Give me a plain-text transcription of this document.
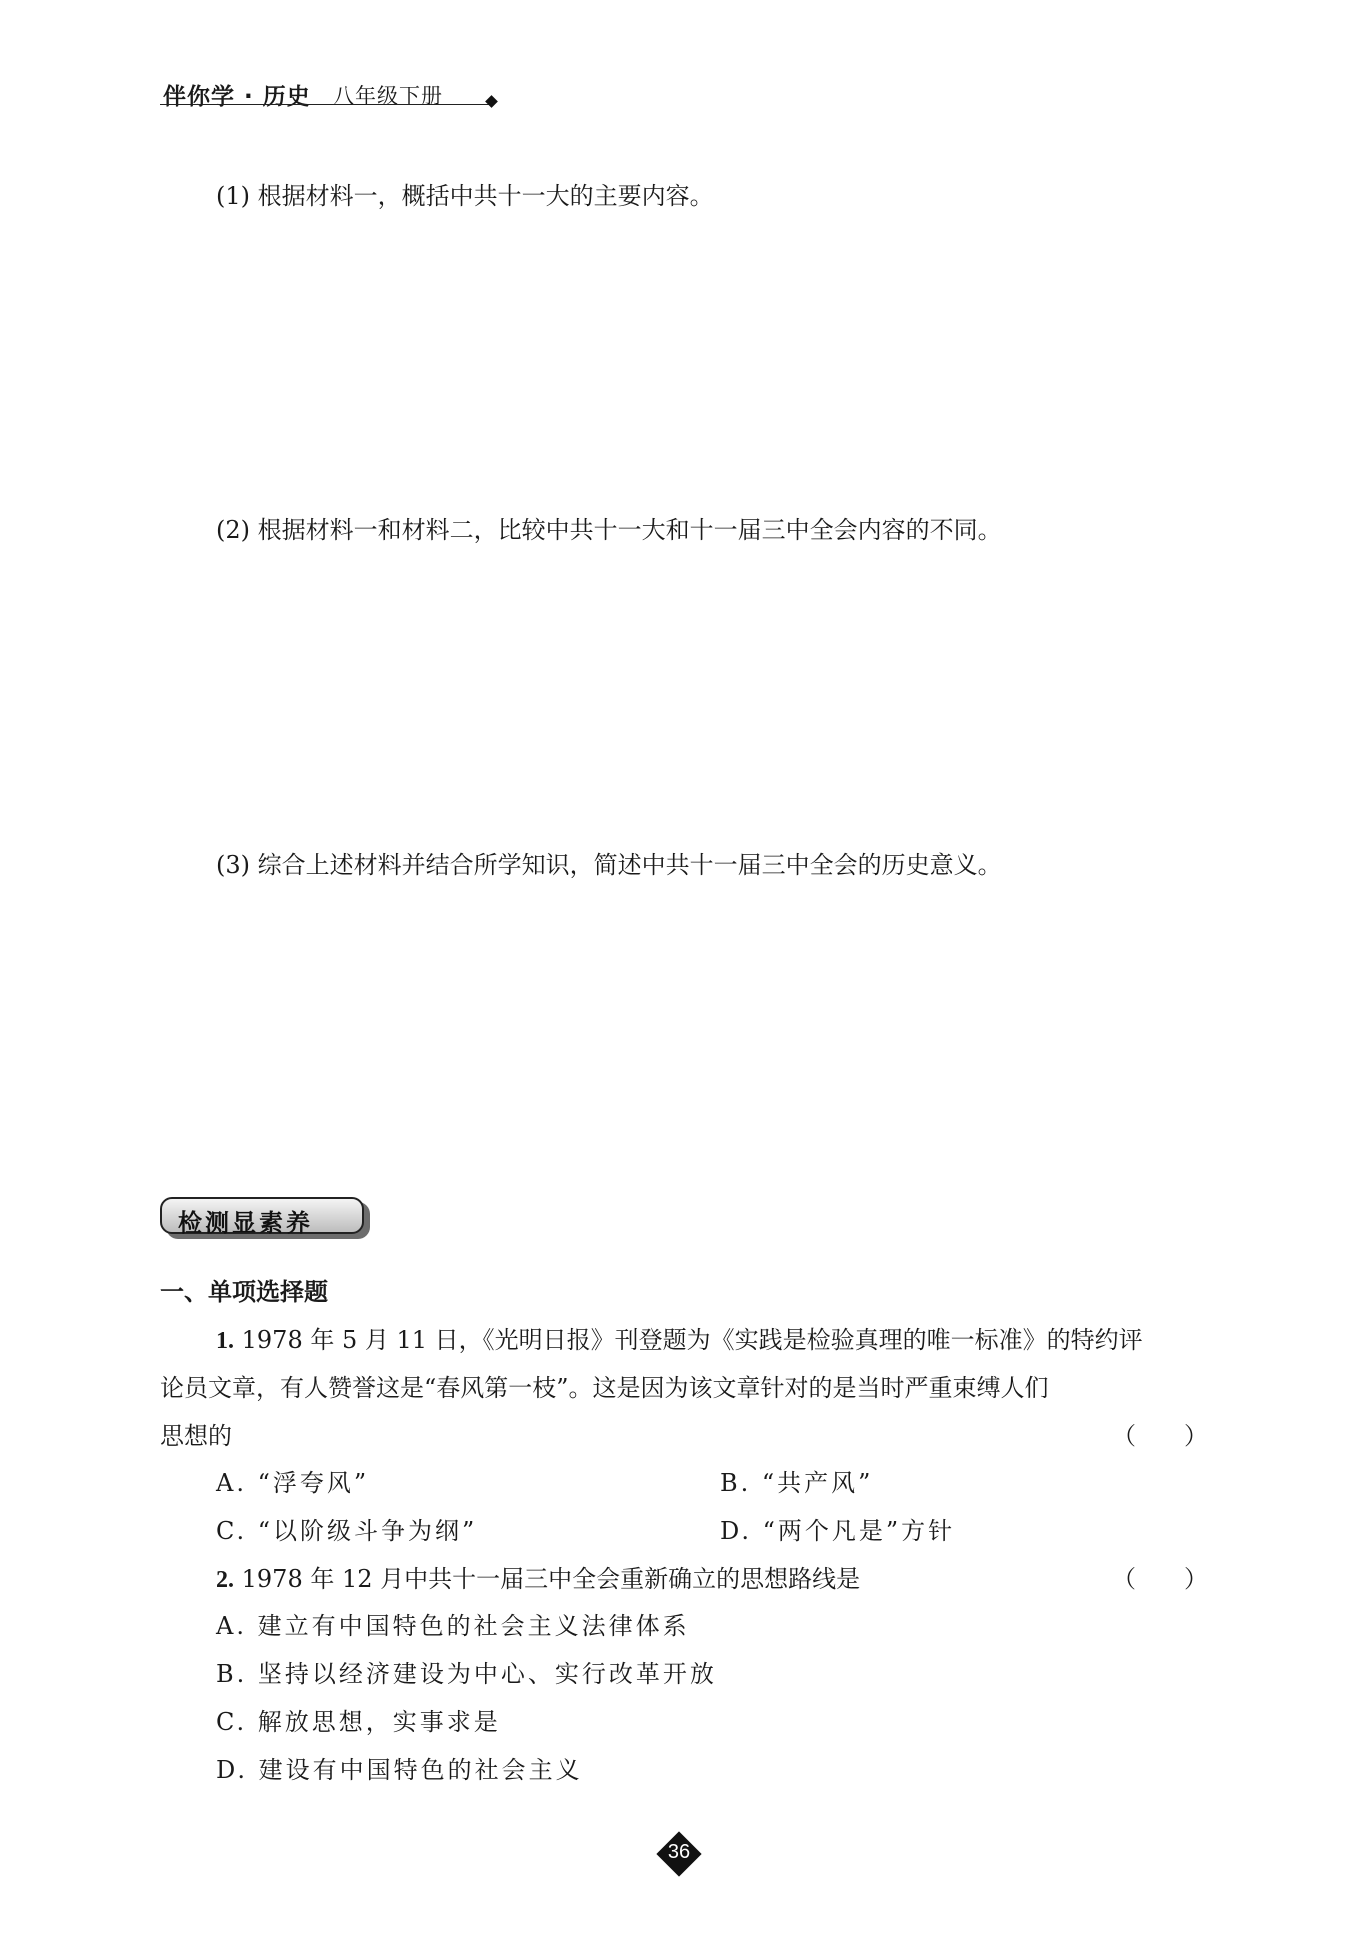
伴你学 · 历史 八年级下册
(1) 根据材料一，概括中共十一大的主要内容。
(2) 根据材料一和材料二，比较中共十一大和十一届三中全会内容的不同。
(3) 综合上述材料并结合所学知识，简述中共十一届三中全会的历史意义。
检测显素养
一、单项选择题
1. 1978 年 5 月 11 日，《光明日报》刊登题为《实践是检验真理的唯一标准》的特约评
论员文章，有人赞誉这是“春风第一枝”。这是因为该文章针对的是当时严重束缚人们
思想的	（　　）
A. “浮夸风”	B. “共产风”
C. “以阶级斗争为纲”	D. “两个凡是”方针
2. 1978 年 12 月中共十一届三中全会重新确立的思想路线是	（　　）
A. 建立有中国特色的社会主义法律体系
B. 坚持以经济建设为中心、实行改革开放
C. 解放思想，实事求是
D. 建设有中国特色的社会主义
36
